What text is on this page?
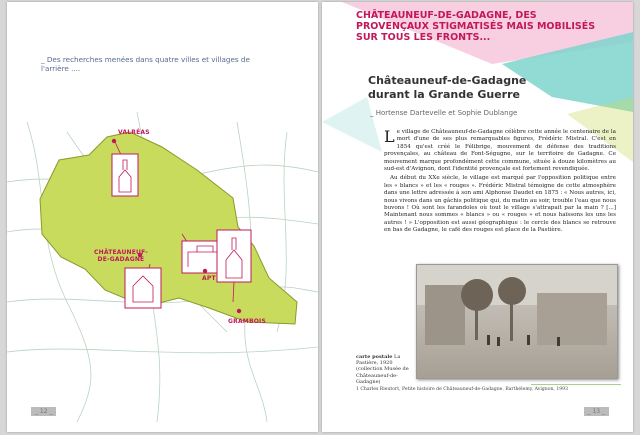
_ Des recherches menées dans quatre villes et villages de l'arrière ....
VALRÉAS
CHÂTEAUNEUF-
DE-GADAGNE
APT
GRAMBOIS
_ 12 _
CHÂTEAUNEUF-DE-GADAGNE, DES PROVENÇAUX STIGMATISÉS MAIS MOBILISÉS SUR TOUS LES FRONTS...
Châteauneuf-de-Gadagne
durant la Grande Guerre
_ Hortense Dartevelle et Sophie Dublange

Le village de Châteauneuf-de-Gadagne célèbre cette année le centenaire de la mort d'une de ses plus remarquables figures, Frédéric Mistral. C'est en 1854 qu'est créé le Félibrige, mouvement de défense des traditions provençales, au château de Font-Ségugne, sur le territoire de Gadagne. Ce mouvement marque profondément cette commune, située à douze kilomètres au sud-est d'Avignon, dont l'identité provençale est fortement revendiquée.

Au début du XXe siècle, le village est marqué par l'opposition politique entre les « blancs » et les « rouges ». Frédéric Mistral témoigne de cette atmosphère dans une lettre adressée à son ami Alphonse Daudet en 1875 : « Nous autres, ici, nous vivons dans un gâchis politique qui, du matin au soir, trouble l'eau que nous buvons ! Où sont les farandoles où tout le village s'attrapait par la main ? [...] Maintenant nous sommes « blancs » ou « rouges » et nous haïssons les uns les autres ! » L'opposition est aussi géographique : le cercle des blancs se retrouve en bas de Gadagne, le café des rouges est place de la Pastière.

carte postale La Pastière, 1920 (collection Musée de Châteauneuf-de-Gadagne)
1 Charles Rieutort, Petite histoire de Châteauneuf-de-Gadagne, Barthélemy, Avignon, 1993
_ 13 _
